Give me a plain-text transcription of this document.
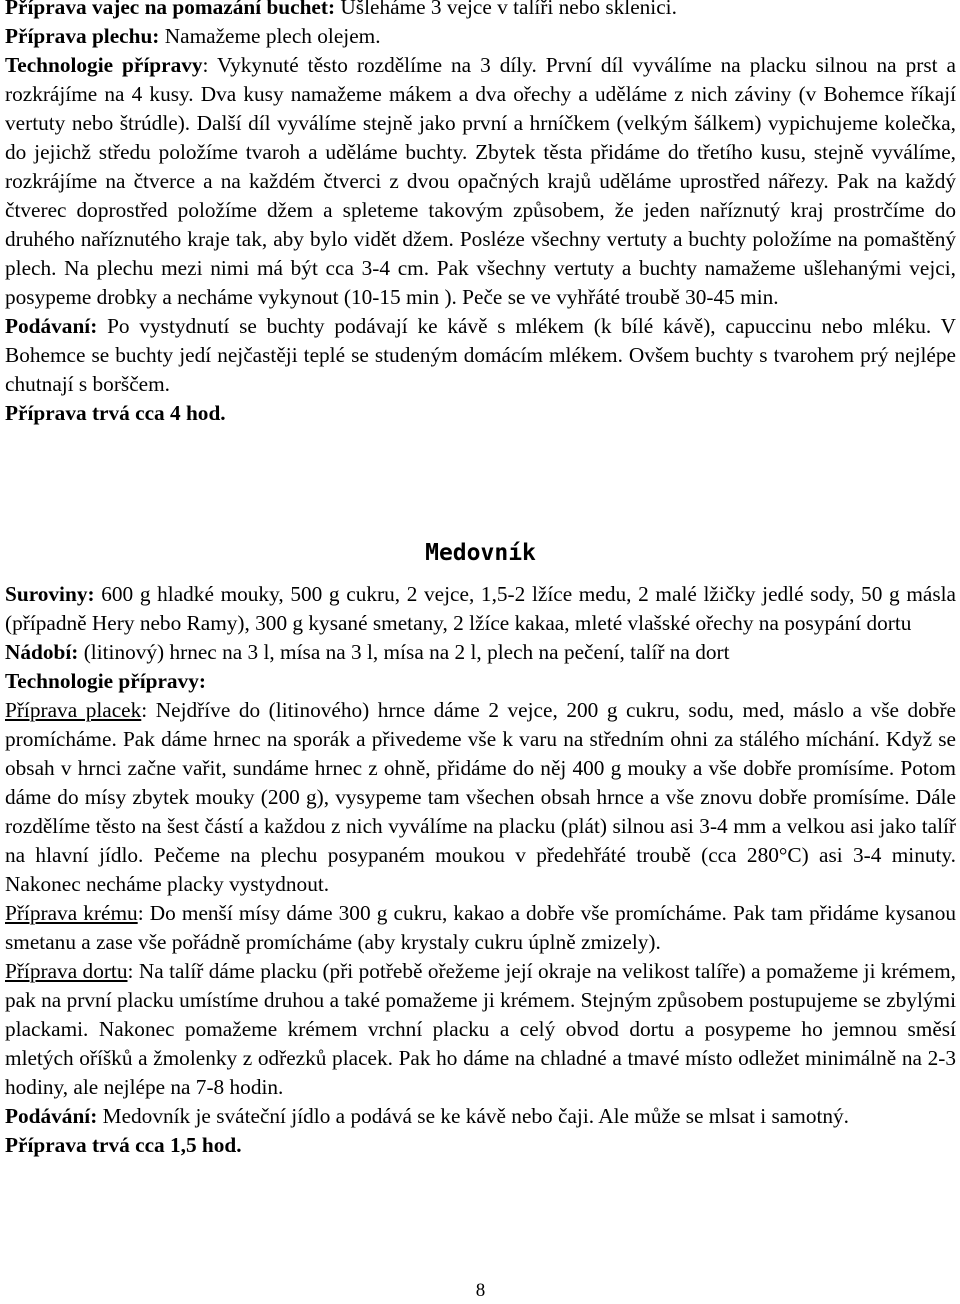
Příprava vajec na pomazání buchet: Ušleháme 3 vejce v talíři nebo sklenici.

Příprava plechu: Namažeme plech olejem.

Technologie přípravy: Vykynuté těsto rozdělíme na 3 díly. První díl vyválíme na placku silnou na prst a rozkrájíme na 4 kusy. Dva kusy namažeme mákem a dva ořechy a uděláme z nich záviny (v Bohemce říkají vertuty nebo štrúdle). Další díl vyválíme stejně jako první a hrníčkem (velkým šálkem) vypichujeme kolečka, do jejichž středu položíme tvaroh a uděláme buchty. Zbytek těsta přidáme do třetího kusu, stejně vyválíme, rozkrájíme na čtverce a na každém čtverci z dvou opačných krajů uděláme uprostřed nářezy. Pak na každý čtverec doprostřed položíme džem a spleteme takovým způsobem, že jeden naříznutý kraj prostrčíme do druhého naříznutého kraje tak, aby bylo vidět džem. Posléze všechny vertuty a buchty položíme na pomaštěný plech. Na plechu mezi nimi má být cca 3-4 cm. Pak všechny vertuty a buchty namažeme ušlehanými vejci, posypeme drobky a necháme vykynout (10-15 min ). Peče se ve vyhřáté troubě 30-45 min.

Podávaní: Po vystydnutí se buchty podávají ke kávě s mlékem (k bílé kávě), capuccinu nebo mléku. V Bohemce se buchty jedí nejčastěji teplé se studeným domácím mlékem. Ovšem buchty s tvarohem prý nejlépe chutnají s borščem.

Příprava trvá cca 4 hod.

Medovník

Suroviny: 600 g hladké mouky, 500 g cukru, 2 vejce, 1,5-2 lžíce medu, 2 malé lžičky jedlé sody, 50 g másla (případně Hery nebo Ramy), 300 g kysané smetany, 2 lžíce kakaa, mleté vlašské ořechy na posypání dortu

Nádobí: (litinový) hrnec na 3 l, mísa na 3 l, mísa na 2 l, plech na pečení, talíř na dort

Technologie přípravy:

Příprava placek: Nejdříve do (litinového) hrnce dáme 2 vejce, 200 g cukru, sodu, med, máslo a vše dobře promícháme. Pak dáme hrnec na sporák a přivedeme vše k varu na středním ohni za stálého míchání. Když se obsah v hrnci začne vařit, sundáme hrnec z ohně, přidáme do něj 400 g mouky a vše dobře promísíme. Potom dáme do mísy zbytek mouky (200 g), vysypeme tam všechen obsah hrnce a vše znovu dobře promísíme. Dále rozdělíme těsto na šest částí a každou z nich vyválíme na placku (plát) silnou asi 3-4 mm a velkou asi jako talíř na hlavní jídlo. Pečeme na plechu posypaném moukou v předehřáté troubě (cca 280°C) asi 3-4 minuty. Nakonec necháme placky vystydnout.

Příprava krému: Do menší mísy dáme 300 g cukru, kakao a dobře vše promícháme. Pak tam přidáme kysanou smetanu a zase vše pořádně promícháme (aby krystaly cukru úplně zmizely).

Příprava dortu: Na talíř dáme placku (při potřebě ořežeme její okraje na velikost talíře) a pomažeme ji krémem, pak na první placku umístíme druhou a také pomažeme ji krémem. Stejným způsobem postupujeme se zbylými plackami. Nakonec pomažeme krémem vrchní placku a celý obvod dortu a posypeme ho jemnou směsí mletých oříšků a žmolenky z odřezků placek. Pak ho dáme na chladné a tmavé místo odležet minimálně na 2-3 hodiny, ale nejlépe na 7-8 hodin.

Podávání: Medovník je sváteční jídlo a podává se ke kávě nebo čaji. Ale může se mlsat i samotný.

Příprava trvá cca 1,5 hod.

8
